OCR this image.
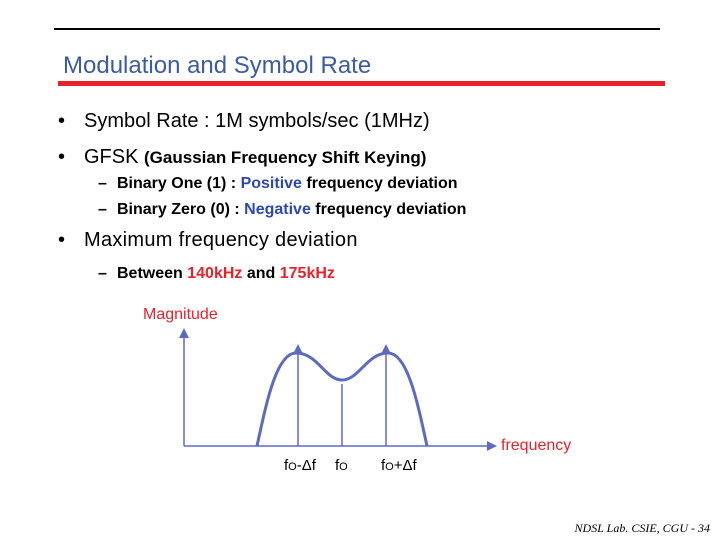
Modulation and Symbol Rate
• Symbol Rate : 1M symbols/sec (1MHz)
• GFSK (Gaussian Frequency Shift Keying)
– Binary One (1) : Positive frequency deviation
– Binary Zero (0) : Negative frequency deviation
• Maximum frequency deviation
– Between 140kHz and 175kHz
Magnitude
frequency
fO-Δf fO fO+Δf
NDSL Lab. CSIE, CGU - 34
